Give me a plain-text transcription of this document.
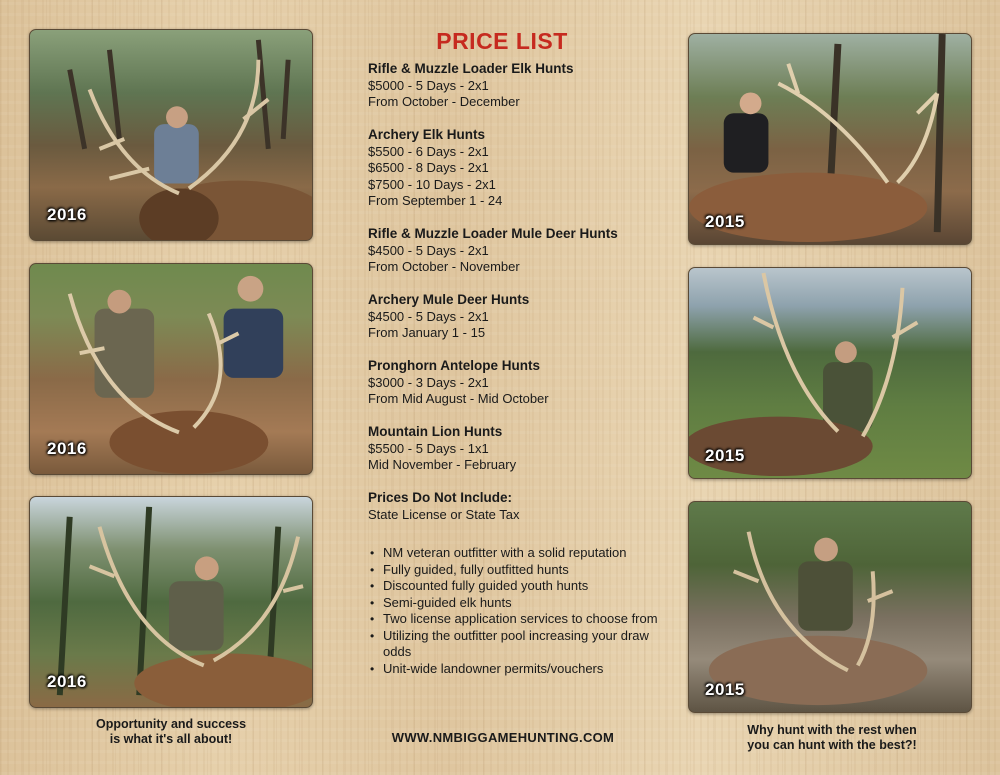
2016
2016
2016
2015
2015
2015
PRICE LIST
Rifle & Muzzle Loader Elk Hunts
$5000 - 5 Days - 2x1
From October - December
Archery Elk Hunts
$5500 - 6 Days - 2x1
$6500 - 8 Days - 2x1
$7500 - 10 Days - 2x1
From September 1 - 24
Rifle & Muzzle Loader Mule Deer Hunts
$4500 - 5 Days - 2x1
From October - November
Archery Mule Deer Hunts
$4500 - 5 Days - 2x1
From January 1 - 15
Pronghorn Antelope Hunts
$3000 - 3 Days - 2x1
From Mid August - Mid October
Mountain Lion Hunts
$5500 - 5 Days - 1x1
Mid November - February
Prices Do Not Include:
State License or State Tax
• NM veteran outfitter with a solid reputation
• Fully guided, fully outfitted hunts
• Discounted fully guided youth hunts
• Semi-guided elk hunts
• Two license application services to choose from
• Utilizing the outfitter pool increasing your draw odds
• Unit-wide landowner permits/vouchers
WWW.NMBIGGAMEHUNTING.COM
Opportunity and success
is what it's all about!
Why hunt with the rest when
you can hunt with the best?!
